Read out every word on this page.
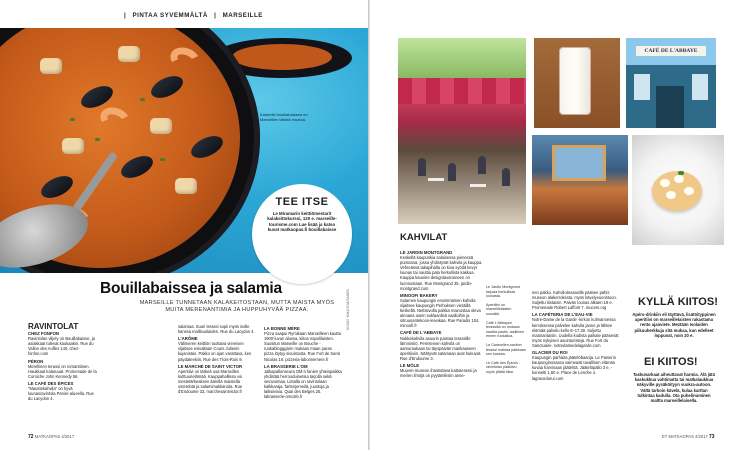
| PINTAA SYVEMMÄLTÄ | MARSEILLE
Kalaretki bouillabaissea on Marseillen tärkeä muotoa.
TEE ITSE
Le Miramarin keittiömestarit kalakeittokurssi, 120 e. marseille-tourisme.com Lue lisää ja katso kuvat matkaopas.fi bouillabaisse
Bouillabaissea ja salamia
MARSEILLE TUNNETAAN KALAKEITOSTAAN, MUTTA MAISTA MYÖS MUITA MERENANTIMIA JA HUPPUHYVÄÄ PIZZAA.
RAVINTOLAT
CHEZ FONFON

Ravintolan viljely on Bouillabaisse, ja asiakkaat tulevat kaukaakin. Rue du Vallon des Auffes 140, chez-fonfon.com

PÉRON

Merellinen terassi on romanttinen. Haukkaat kalaruuat. Promenade de la Corniche John Kennedy 56.

LE CAFÉ DES ÉPICES

"Maustekahvila" on hyvä lounasravintola Panier-alueella. Rue du Lacydon 4.

salamaa. Suuri terassi sopii myös isolle kanssa mallisuolaiden. Rue du Lacydon 4.

L'ARÔME

Välimeren keittiön tuottava viereisen sijaitsee esivaltaan Cours Julienin kujanistas. Pakko on ajan varattava, kes päydateekiin. Rue des Trois-Rois 9.

LE MARCHÉ DE SAINT VICTOR

Aperitiivi on tärkeä osa Marseillen kulttuurielämää. Kauppahallissa voi mestetärkeaksen äärellä maistella osterebtä ja salamimakkaroita. Rue d'Endoume 33, marchesaintvictor.fr

LA BONNE MÈRE

Pizza saapui Rymikaan Marseilleen kautta 1900-luvun alussa, kiitos napolilaisten. Suositun Marseille on Bouche -ruokablogggarin mukaan maan paras pizza löytyy sivuistosta. Rue Fort de Sanit Nicolas 16. pizzeria-labonnemere.fr

LA BRASSERIE L'OM

Jalkapallonseura OM:n fanien yhteispaikka yhdistää herrooduinetsia tarjolla sekä vetovoimaa. Listalla on ravintolaan kalkkaraja, fartenjemeilä, juustoja ja laiksiivisia. Quai des Belges 25. labrasserie-omcafe.fr

KUVAT: MIKA RANTANEN
72 MATKAOPAS 4/2017
CAFÉ DE L'ABBAYE
KAHVILAT
LE JARDIN MONTGRAND

Keskellä kaupunkia salaisessa pienessä puistossa, jossa yhdistyvät kahvila ja kauppa. Vehreässä takapihalla on kiva syödä kevyt lounas tai nauttia pala herkullista kakkua. Kauppa kaunine designtavaroineen on luonnostaan. Rue Montgrand 35. jardin-montgrand.com

MINOOFI BAKERY

Sulamen kaupungin ensimmäinen kahvila sijaitsee kaupungin Perhuksen vieräillä keskellä. Nettisivulla paikka mainostaa oleva ainoana usein suklaanlisä vaalloihin ja sitruunantekoon-leivokaa. Rue Paradis 104. minoofi.fr

CAFÉ DE L'ABBAYE

Nukkekahvila asuurin paistaa terassille lämmintiö. Perinteinen kahvila on aamuraukaan tai täyspäivän mankaaseen aperitiiviin. Nähtyvät satamaan avat hukuvat. Rue d'Endoume 3.

LE MÖLE

Muuvm-museon ihastuttava kattoterassi ja merien ilmöjä on pyytämiksiin anne-

Le Jardin Montgrand tarjoaa herkullista lounasta.

Aperitiivi on marseillelaisten suosikki.

Café L'Abbayen terassilla on mukava nauttia pastis -lasillinen ennen ruokailua.

La Caravellen-saviton terassi mahtaa paikkaan sen kanssa.

Le Café des Épices -ravintolan pääsiivu myös jättää tilaa.

nen pakko. Kahviloiteraasille pääsee pahis museon alakerrokssta, myös kävelyvuoristoon. Suljettu tiistaisin. Paivän lounas alkaen 18 e. Promenade Robert Laffont 7. mucem.org

LA CAFÉTERIA DE L'EAU-VIE

Notre-Dame de la Garde -kirkon kolmannessa kerroksessa palvelee kahvila janne ja lähtee elämää palvelu kello 8–17.30. Suljettu maanantaisin. Uudella kodista paikale pääsevät myös nykyisen asuinturisteja. Rue Fort du Sanctuaire. notredamedelagarde.com

GLACIER DU ROI

Kaupungin parhaita jäätelöbaarija. Le Panierin kaupunginosassa vaimeasti tavallisen elämän kuvaa harvinaan jäätelöä. Jäätelöpallo 3 e, -konnetti 1,50 e. Place de Lenche 4. lagracedurui.com

KYLLÄ KIITOS!
Apéro-drinkiin eli täyttävä, lisätöityppinen aperitiivi on marseillelaisten rakastama rento ajanviete. Meztään Isolaiden piikuuherkkuja sitä mukaa, kun edelleet loppuvat, noin 20 e.
EI KIITOS!
Taskuvarkaat aiheuttavat harmia. Älä jätä kaskukkua vahtimatta tai matkalaukkua näkyville pysäköityyn vuokra-autoon. Vältä tarkoin kävelä, kulaa karttan tulkintaa kadulla. Ota puhelinuminen maltta marseillelaisella.
ET MATKAOPAS 4/2017 73
